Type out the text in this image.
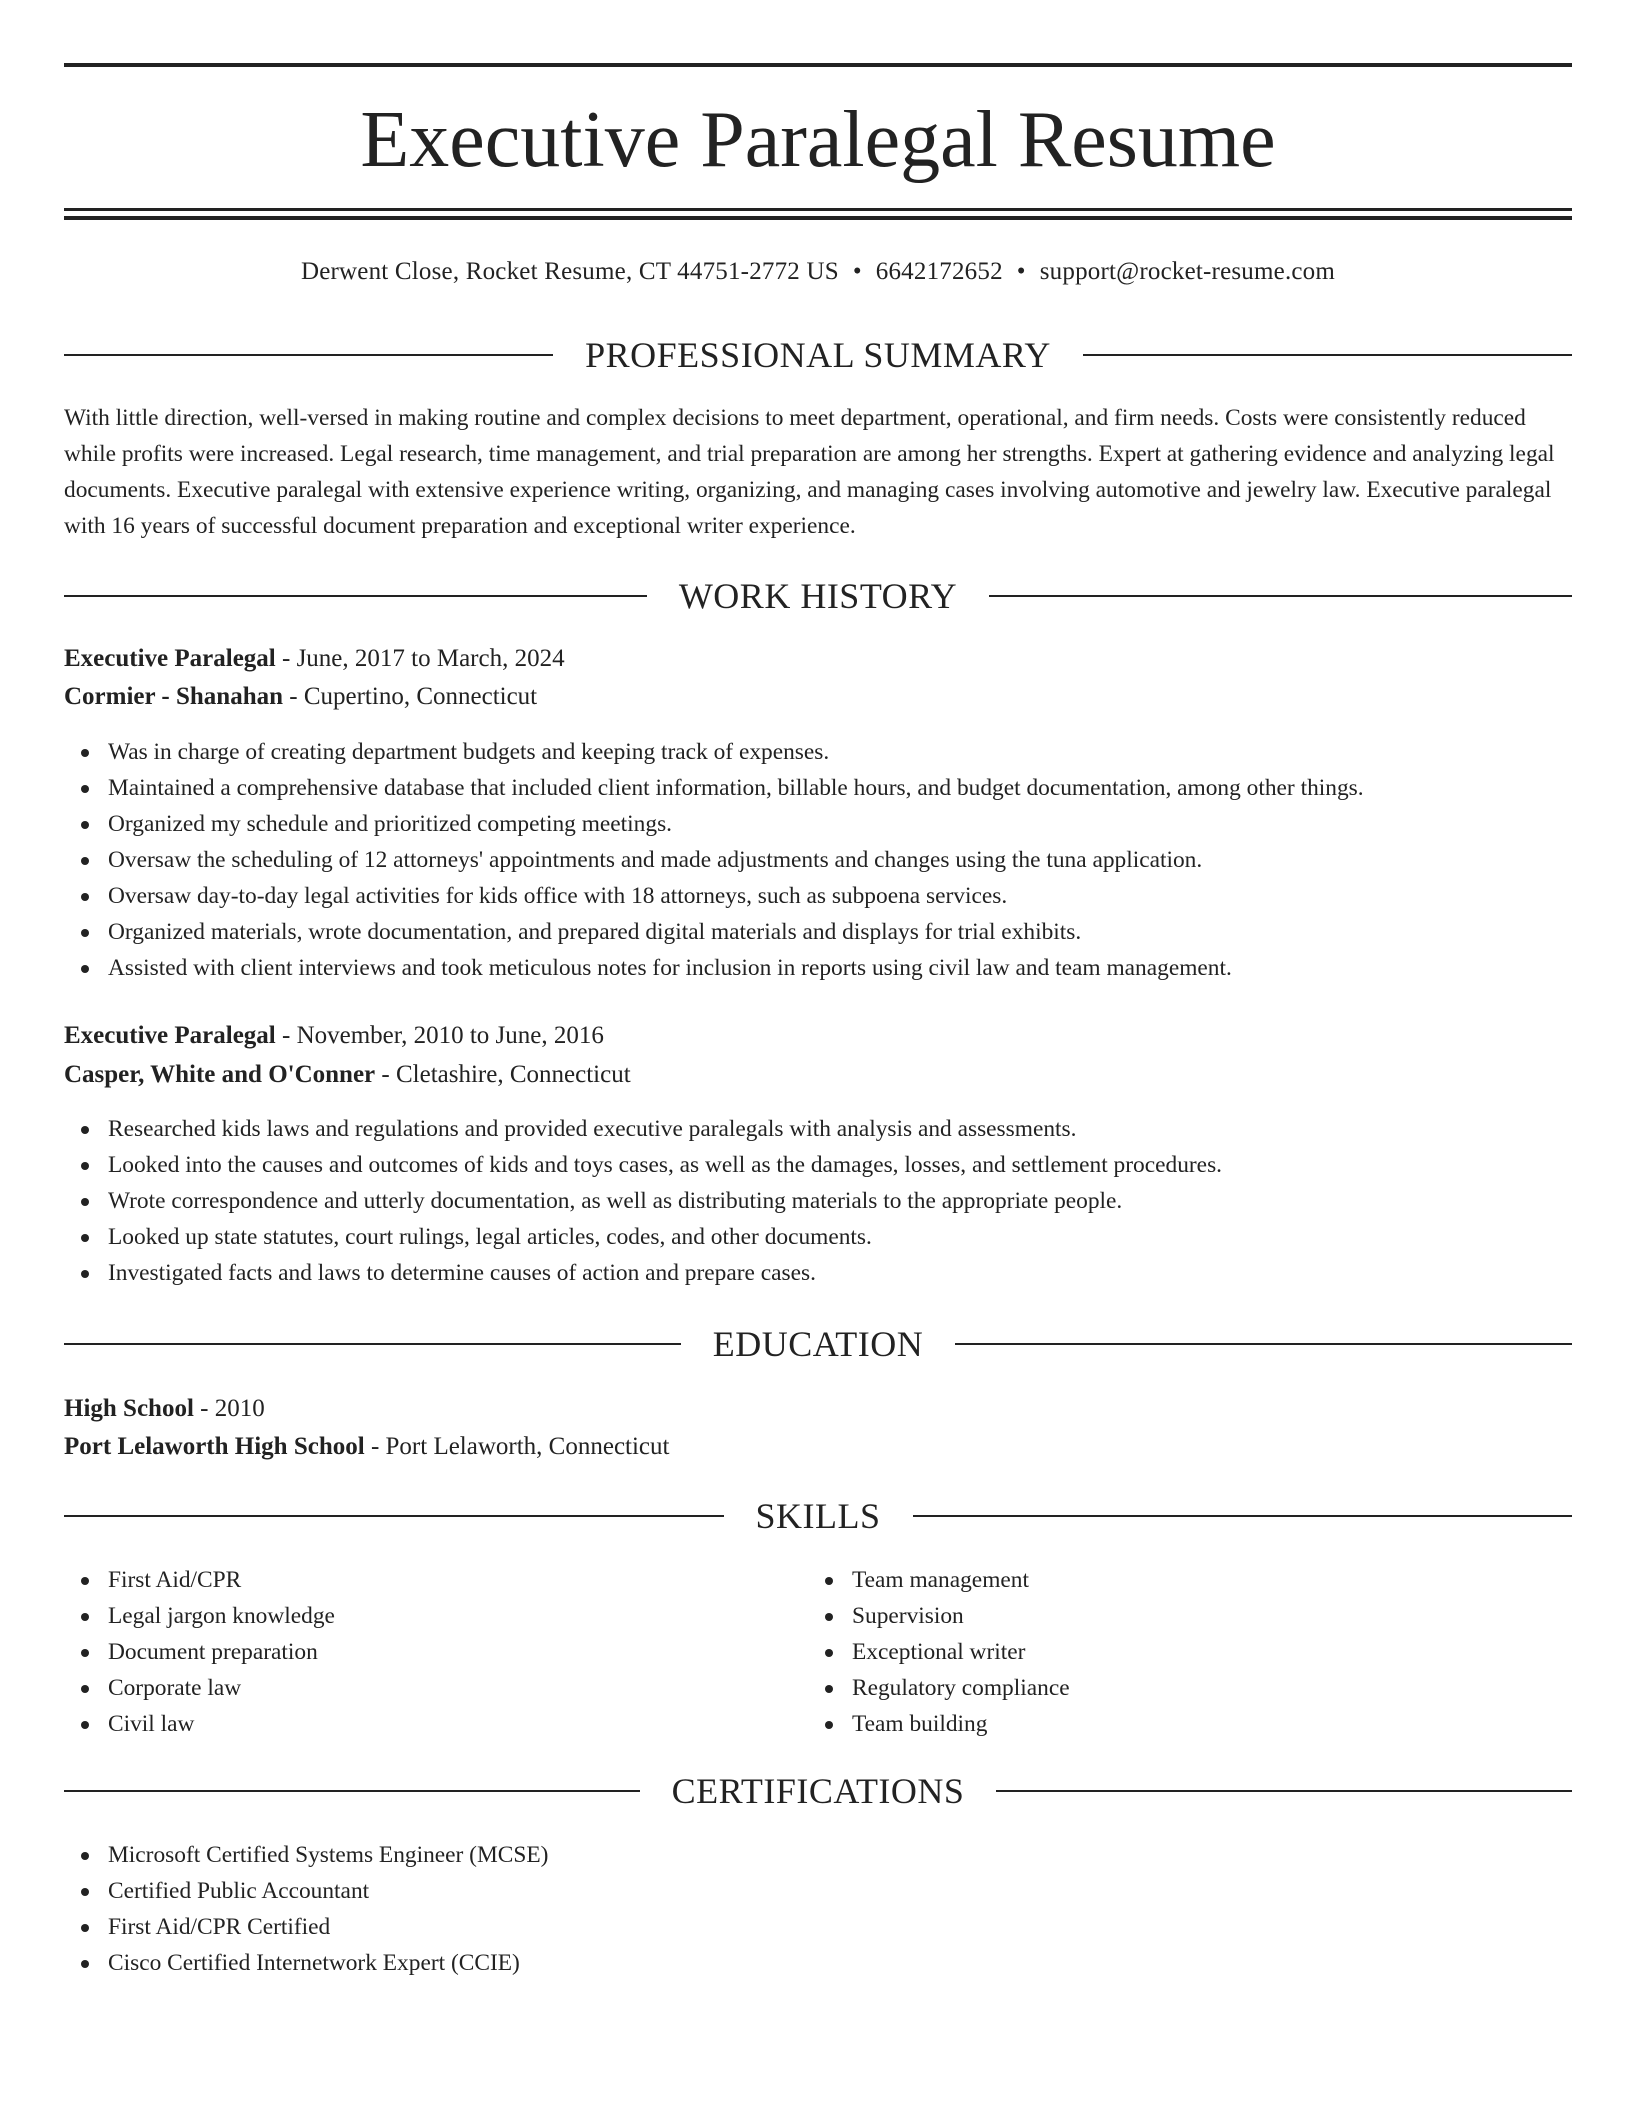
Executive Paralegal Resume
Derwent Close, Rocket Resume, CT 44751-2772 US • 6642172652 • support@rocket-resume.com
PROFESSIONAL SUMMARY

With little direction, well-versed in making routine and complex decisions to meet department, operational, and firm needs. Costs were consistently reduced while profits were increased. Legal research, time management, and trial preparation are among her strengths. Expert at gathering evidence and analyzing legal documents. Executive paralegal with extensive experience writing, organizing, and managing cases involving automotive and jewelry law. Executive paralegal with 16 years of successful document preparation and exceptional writer experience.

WORK HISTORY
Executive Paralegal - June, 2017 to March, 2024
Cormier - Shanahan - Cupertino, Connecticut
Was in charge of creating department budgets and keeping track of expenses.
Maintained a comprehensive database that included client information, billable hours, and budget documentation, among other things.
Organized my schedule and prioritized competing meetings.
Oversaw the scheduling of 12 attorneys' appointments and made adjustments and changes using the tuna application.
Oversaw day-to-day legal activities for kids office with 18 attorneys, such as subpoena services.
Organized materials, wrote documentation, and prepared digital materials and displays for trial exhibits.
Assisted with client interviews and took meticulous notes for inclusion in reports using civil law and team management.
Executive Paralegal - November, 2010 to June, 2016
Casper, White and O'Conner - Cletashire, Connecticut
Researched kids laws and regulations and provided executive paralegals with analysis and assessments.
Looked into the causes and outcomes of kids and toys cases, as well as the damages, losses, and settlement procedures.
Wrote correspondence and utterly documentation, as well as distributing materials to the appropriate people.
Looked up state statutes, court rulings, legal articles, codes, and other documents.
Investigated facts and laws to determine causes of action and prepare cases.
EDUCATION
High School - 2010
Port Lelaworth High School - Port Lelaworth, Connecticut
SKILLS
First Aid/CPR
Legal jargon knowledge
Document preparation
Corporate law
Civil law
Team management
Supervision
Exceptional writer
Regulatory compliance
Team building
CERTIFICATIONS
Microsoft Certified Systems Engineer (MCSE)
Certified Public Accountant
First Aid/CPR Certified
Cisco Certified Internetwork Expert (CCIE)
